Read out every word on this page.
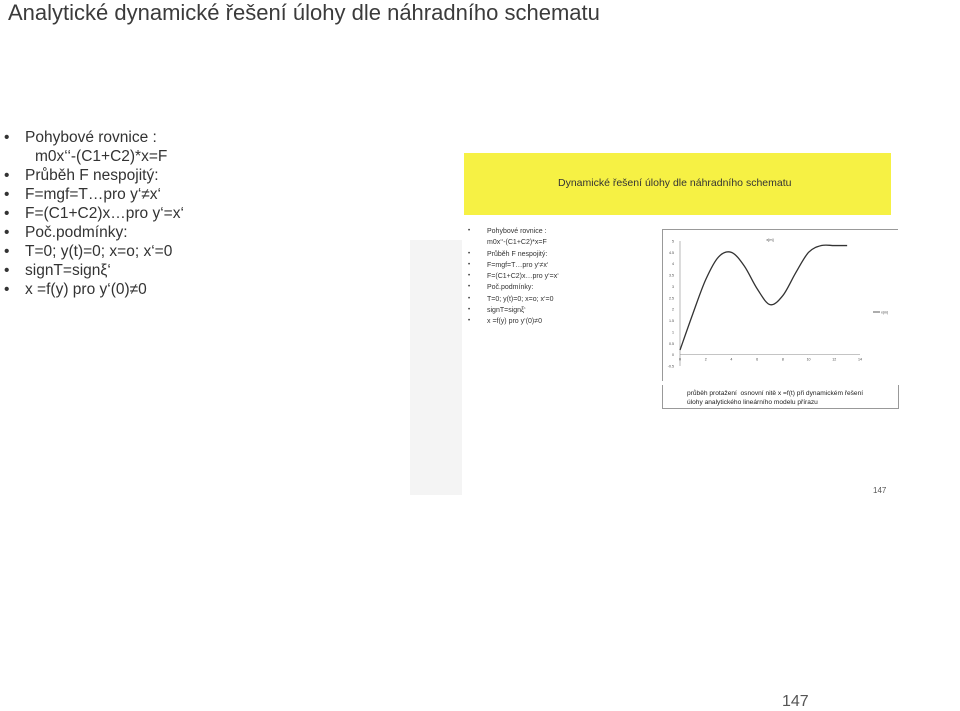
Analytické dynamické řešení úlohy dle náhradního schematu
• Pohybové rovnice :
m0x‘‘-(C1+C2)*x=F
• Průběh F nespojitý:
• F=mgf=T…pro y‘≠x‘
• F=(C1+C2)x…pro y‘=x‘
• Poč.podmínky:
• T=0; y(t)=0; x=o; x‘=0
• signT=signξ‘
• x =f(y) pro y‘(0)≠0
Dynamické řešení úlohy dle náhradního schematu
• Pohybové rovnice :
m0x‘‘-(C1+C2)*x=F
• Průběh F nespojitý:
• F=mgf=T…pro y‘≠x‘
• F=(C1+C2)x…pro y‘=x‘
• Poč.podmínky:
• T=0; y(t)=0; x=o; x‘=0
• signT=signξ‘
• x =f(y) pro y‘(0)≠0
-0.5
0
0.5
1
1.5
2
2.5
3
3.5
4
4.5
5
0	2	4	6	8	10	12	14
x[m]
x(m)
průběh protažení  osnovní nitě x =f(t) při dynamickém řešení
úlohy analytického lineárního modelu přírazu
147
147
